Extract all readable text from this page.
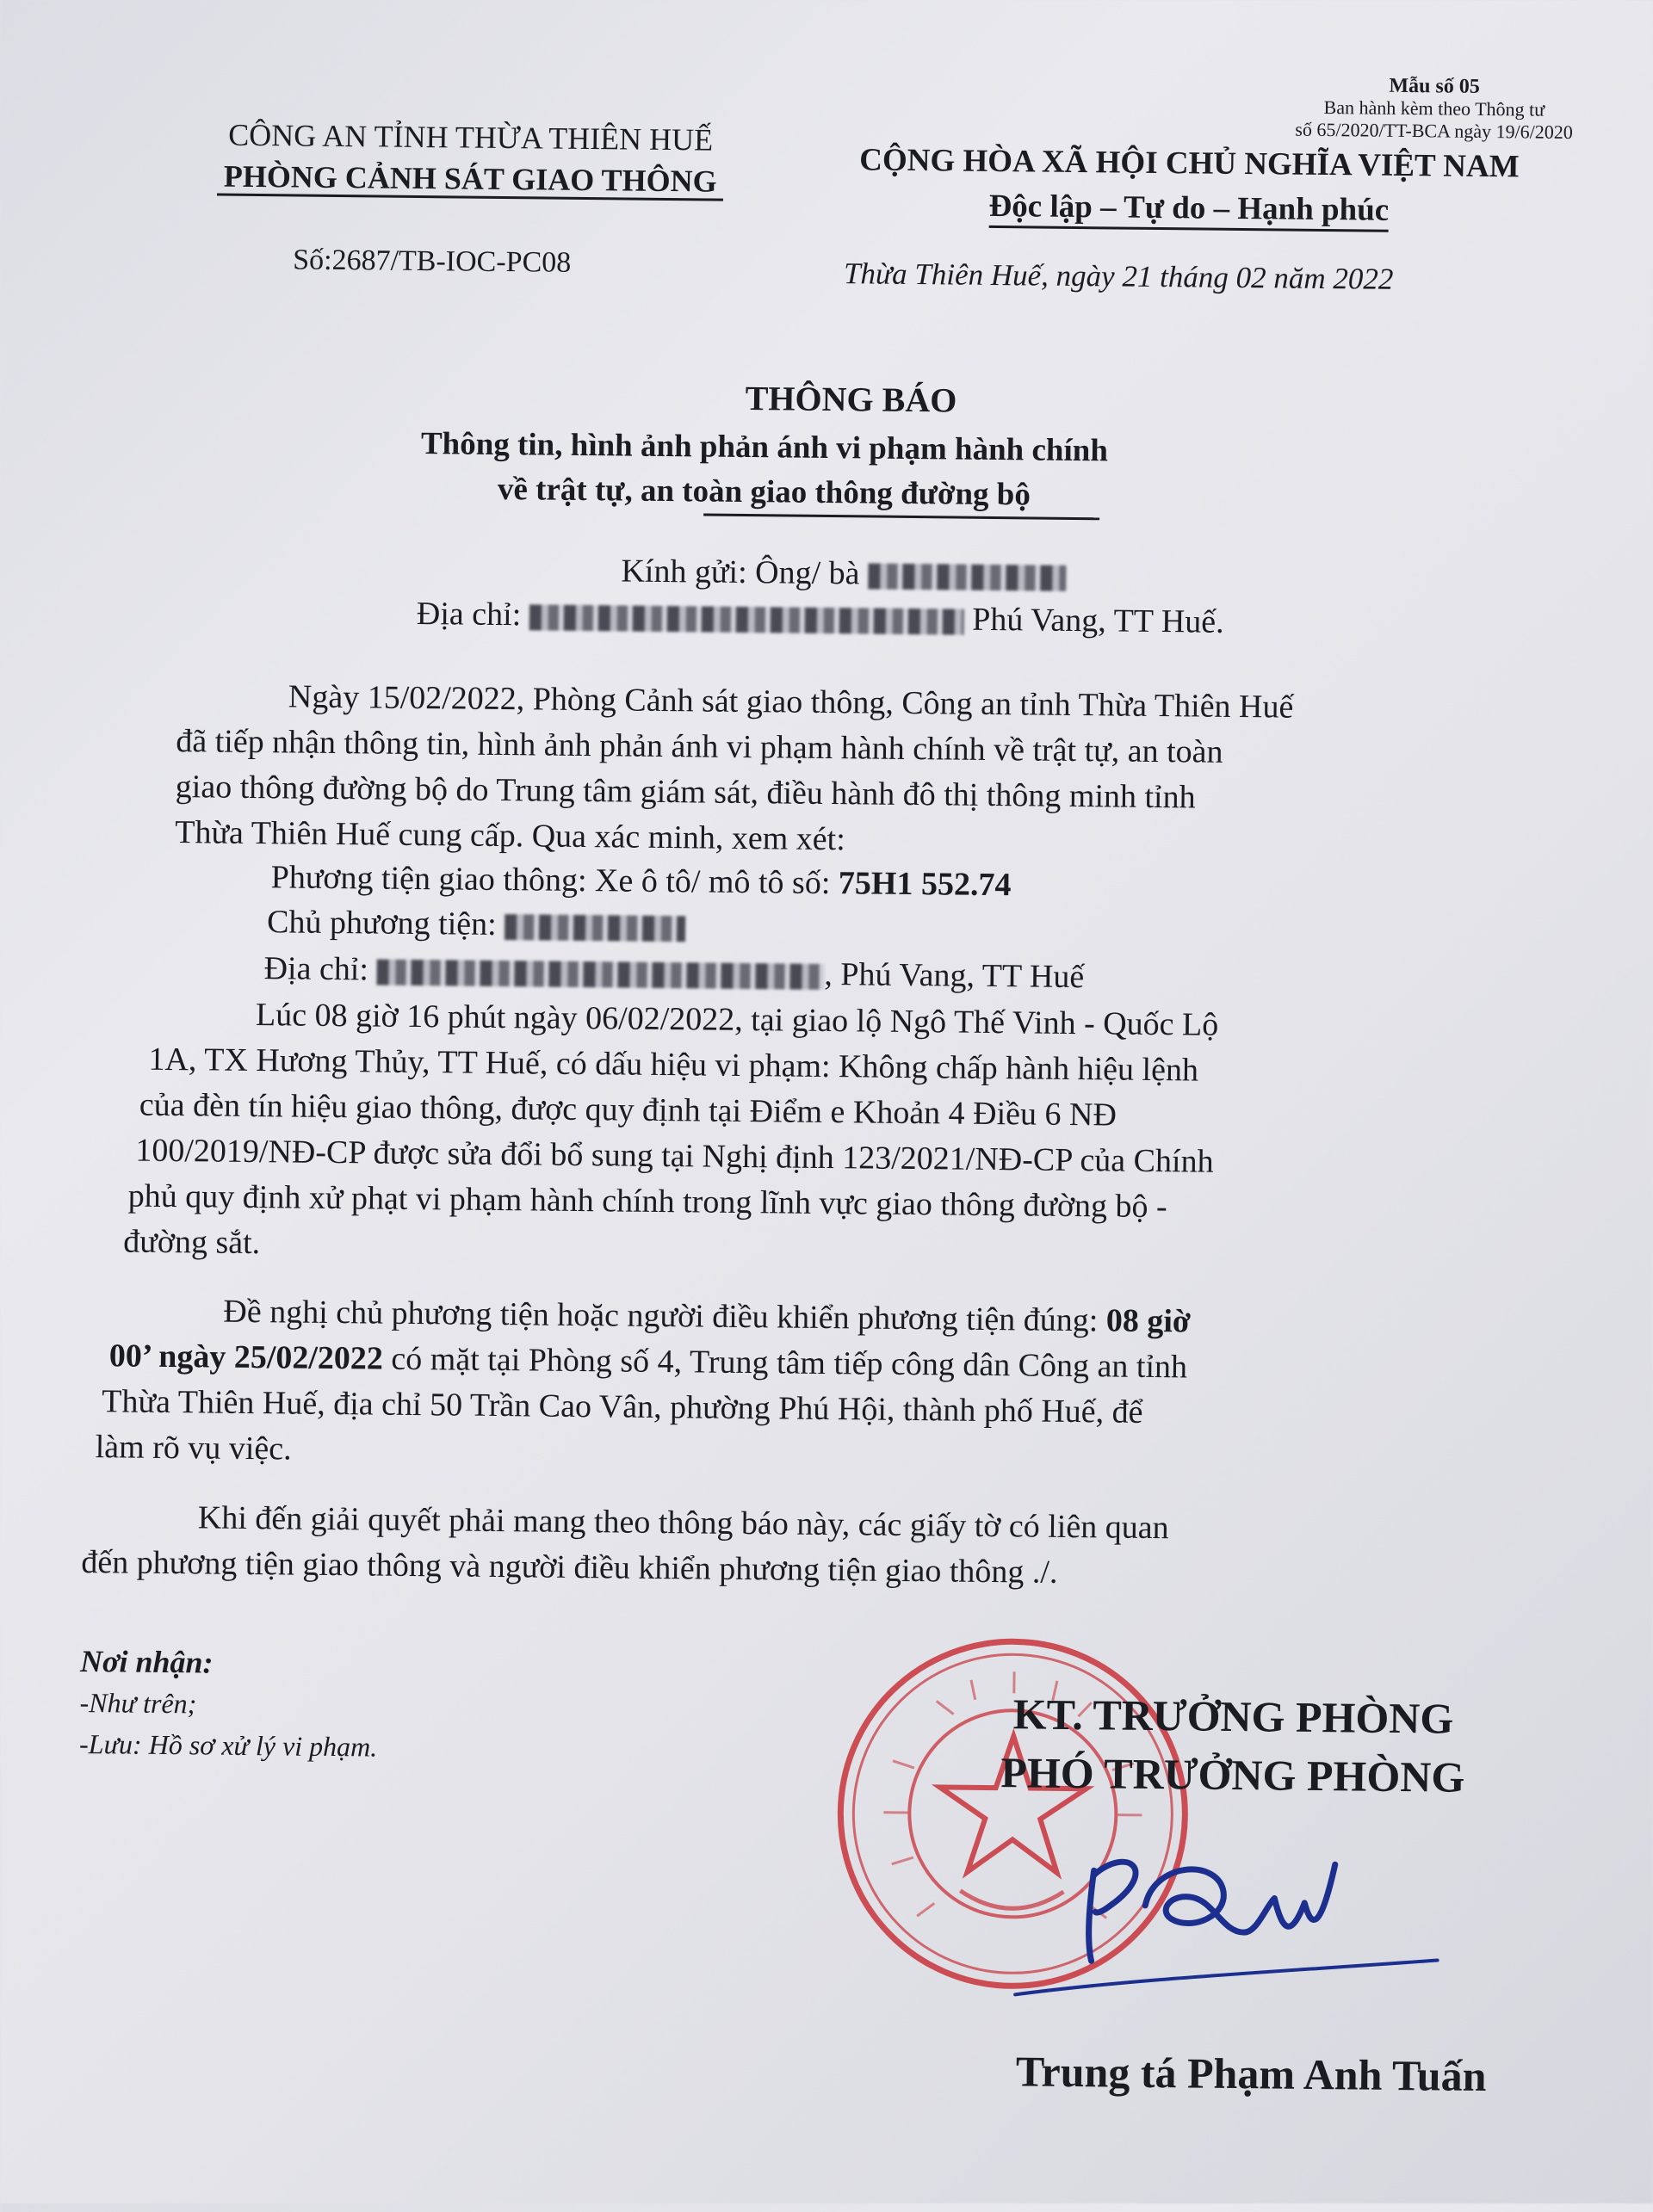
Mẫu số 05
Ban hành kèm theo Thông tư
số 65/2020/TT-BCA ngày 19/6/2020
CÔNG AN TỈNH THỪA THIÊN HUẾ
PHÒNG CẢNH SÁT GIAO THÔNG	CỘNG HÒA XÃ HỘI CHỦ NGHĨA VIỆT NAM
Độc lập – Tự do – Hạnh phúc
Số:2687/TB-IOC-PC08	Thừa Thiên Huế, ngày 21 tháng 02 năm 2022
THÔNG BÁO
Thông tin, hình ảnh phản ánh vi phạm hành chính
về trật tự, an toàn giao thông đường bộ
Kính gửi: Ông/ bà
Địa chỉ:	Phú Vang, TT Huế.
Ngày 15/02/2022, Phòng Cảnh sát giao thông, Công an tỉnh Thừa Thiên Huế
đã tiếp nhận thông tin, hình ảnh phản ánh vi phạm hành chính về trật tự, an toàn
giao thông đường bộ do Trung tâm giám sát, điều hành đô thị thông minh tỉnh
Thừa Thiên Huế cung cấp. Qua xác minh, xem xét:
Phương tiện giao thông: Xe ô tô/ mô tô số: 75H1 552.74
Chủ phương tiện:
Địa chỉ:	, Phú Vang, TT Huế
Lúc 08 giờ 16 phút ngày 06/02/2022, tại giao lộ Ngô Thế Vinh - Quốc Lộ
1A, TX Hương Thủy, TT Huế, có dấu hiệu vi phạm: Không chấp hành hiệu lệnh
của đèn tín hiệu giao thông, được quy định tại Điểm e Khoản 4 Điều 6 NĐ
100/2019/NĐ-CP được sửa đổi bổ sung tại Nghị định 123/2021/NĐ-CP của Chính
phủ quy định xử phạt vi phạm hành chính trong lĩnh vực giao thông đường bộ -
đường sắt.
Đề nghị chủ phương tiện hoặc người điều khiển phương tiện đúng: 08 giờ
00’ ngày 25/02/2022 có mặt tại Phòng số 4, Trung tâm tiếp công dân Công an tỉnh
Thừa Thiên Huế, địa chỉ 50 Trần Cao Vân, phường Phú Hội, thành phố Huế, để
làm rõ vụ việc.
Khi đến giải quyết phải mang theo thông báo này, các giấy tờ có liên quan
đến phương tiện giao thông và người điều khiển phương tiện giao thông ./.
Nơi nhận:
-Như trên;
-Lưu: Hồ sơ xử lý vi phạm.
KT. TRƯỞNG PHÒNG
PHÓ TRƯỞNG PHÒNG
Trung tá Phạm Anh Tuấn
